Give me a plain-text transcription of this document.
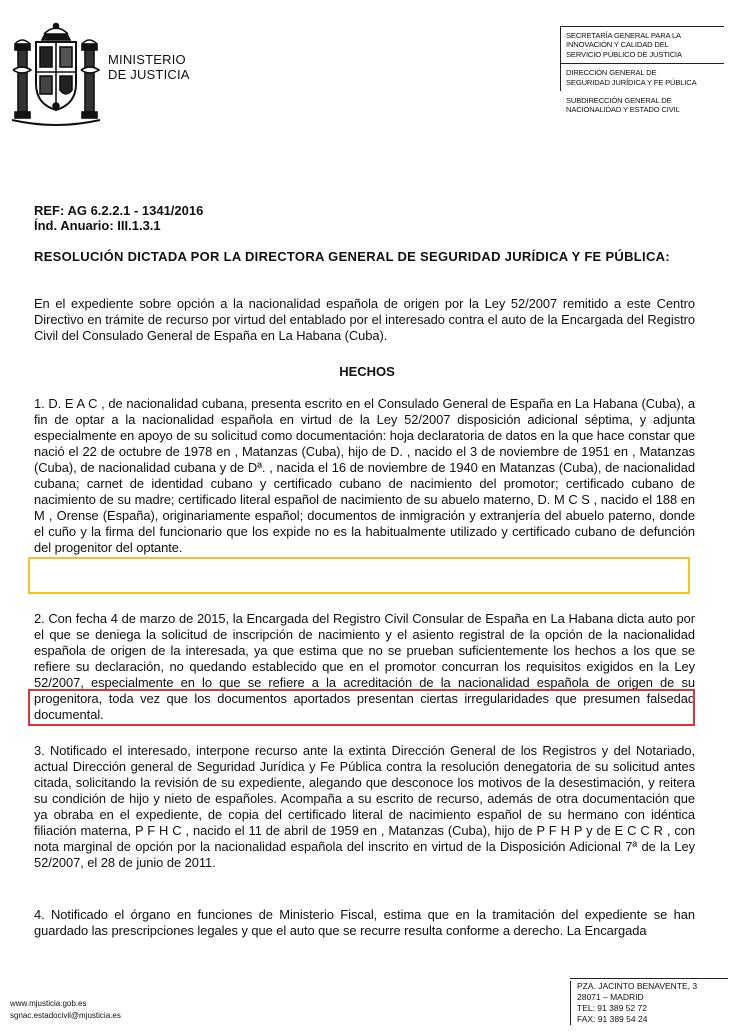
MINISTERIO
DE JUSTICIA
SECRETARÍA GENERAL PARA LA
INNOVACIÓN Y CALIDAD DEL
SERVICIO PÚBLICO DE JUSTICIA
DIRECCIÓN GENERAL DE
SEGURIDAD JURÍDICA Y FE PÚBLICA
SUBDIRECCIÓN GENERAL DE
NACIONALIDAD Y ESTADO CIVIL
REF: AG 6.2.2.1 - 1341/2016
Índ. Anuario: III.1.3.1
RESOLUCIÓN DICTADA POR LA DIRECTORA GENERAL DE SEGURIDAD JURÍDICA Y FE PÚBLICA:
En el expediente sobre opción a la nacionalidad española de origen por la Ley 52/2007 remitido a este Centro Directivo en trámite de recurso por virtud del entablado por el interesado contra el auto de la Encargada del Registro Civil del Consulado General de España en La Habana (Cuba).
HECHOS
1. D. E A C , de nacionalidad cubana, presenta escrito en el Consulado General de España en La Habana (Cuba), a fin de optar a la nacionalidad española en virtud de la Ley 52/2007 disposición adicional séptima, y adjunta especialmente en apoyo de su solicitud como documentación: hoja declaratoria de datos en la que hace constar que nació el 22 de octubre de 1978 en , Matanzas (Cuba), hijo de D. , nacido el 3 de noviembre de 1951 en , Matanzas (Cuba), de nacionalidad cubana y de Dª. , nacida el 16 de noviembre de 1940 en Matanzas (Cuba), de nacionalidad cubana; carnet de identidad cubano y certificado cubano de nacimiento del promotor; certificado cubano de nacimiento de su madre; certificado literal español de nacimiento de su abuelo materno, D. M C S , nacido el 188 en M , Orense (España), originariamente español; documentos de inmigración y extranjería del abuelo paterno, donde el cuño y la firma del funcionario que los expide no es la habitualmente utilizado y certificado cubano de defunción del progenitor del optante.
2. Con fecha 4 de marzo de 2015, la Encargada del Registro Civil Consular de España en La Habana dicta auto por el que se deniega la solicitud de inscripción de nacimiento y el asiento registral de la opción de la nacionalidad española de origen de la interesada, ya que estima que no se prueban suficientemente los hechos a los que se refiere su declaración, no quedando establecido que en el promotor concurran los requisitos exigidos en la Ley 52/2007, especialmente en lo que se refiere a la acreditación de la nacionalidad española de origen de su progenitora, toda vez que los documentos aportados presentan ciertas irregularidades que presumen falsedad documental.
3. Notificado el interesado, interpone recurso ante la extinta Dirección General de los Registros y del Notariado, actual Dirección general de Seguridad Jurídica y Fe Pública contra la resolución denegatoria de su solicitud antes citada, solicitando la revisión de su expediente, alegando que desconoce los motivos de la desestimación, y reitera su condición de hijo y nieto de españoles. Acompaña a su escrito de recurso, además de otra documentación que ya obraba en el expediente, de copia del certificado literal de nacimiento español de su hermano con idéntica filiación materna, P F H C , nacido el 11 de abril de 1959 en , Matanzas (Cuba), hijo de P F H P y de E C C R , con nota marginal de opción por la nacionalidad española del inscrito en virtud de la Disposición Adicional 7ª de la Ley 52/2007, el 28 de junio de 2011.
4. Notificado el órgano en funciones de Ministerio Fiscal, estima que en la tramitación del expediente se han guardado las prescripciones legales y que el auto que se recurre resulta conforme a derecho. La Encargada
www.mjusticia.gob.es
sgnac.estadocivil@mjusticia.es
PZA. JACINTO BENAVENTE, 3
28071 – MADRID
TEL: 91 389 52 72
FAX: 91 389 54 24
